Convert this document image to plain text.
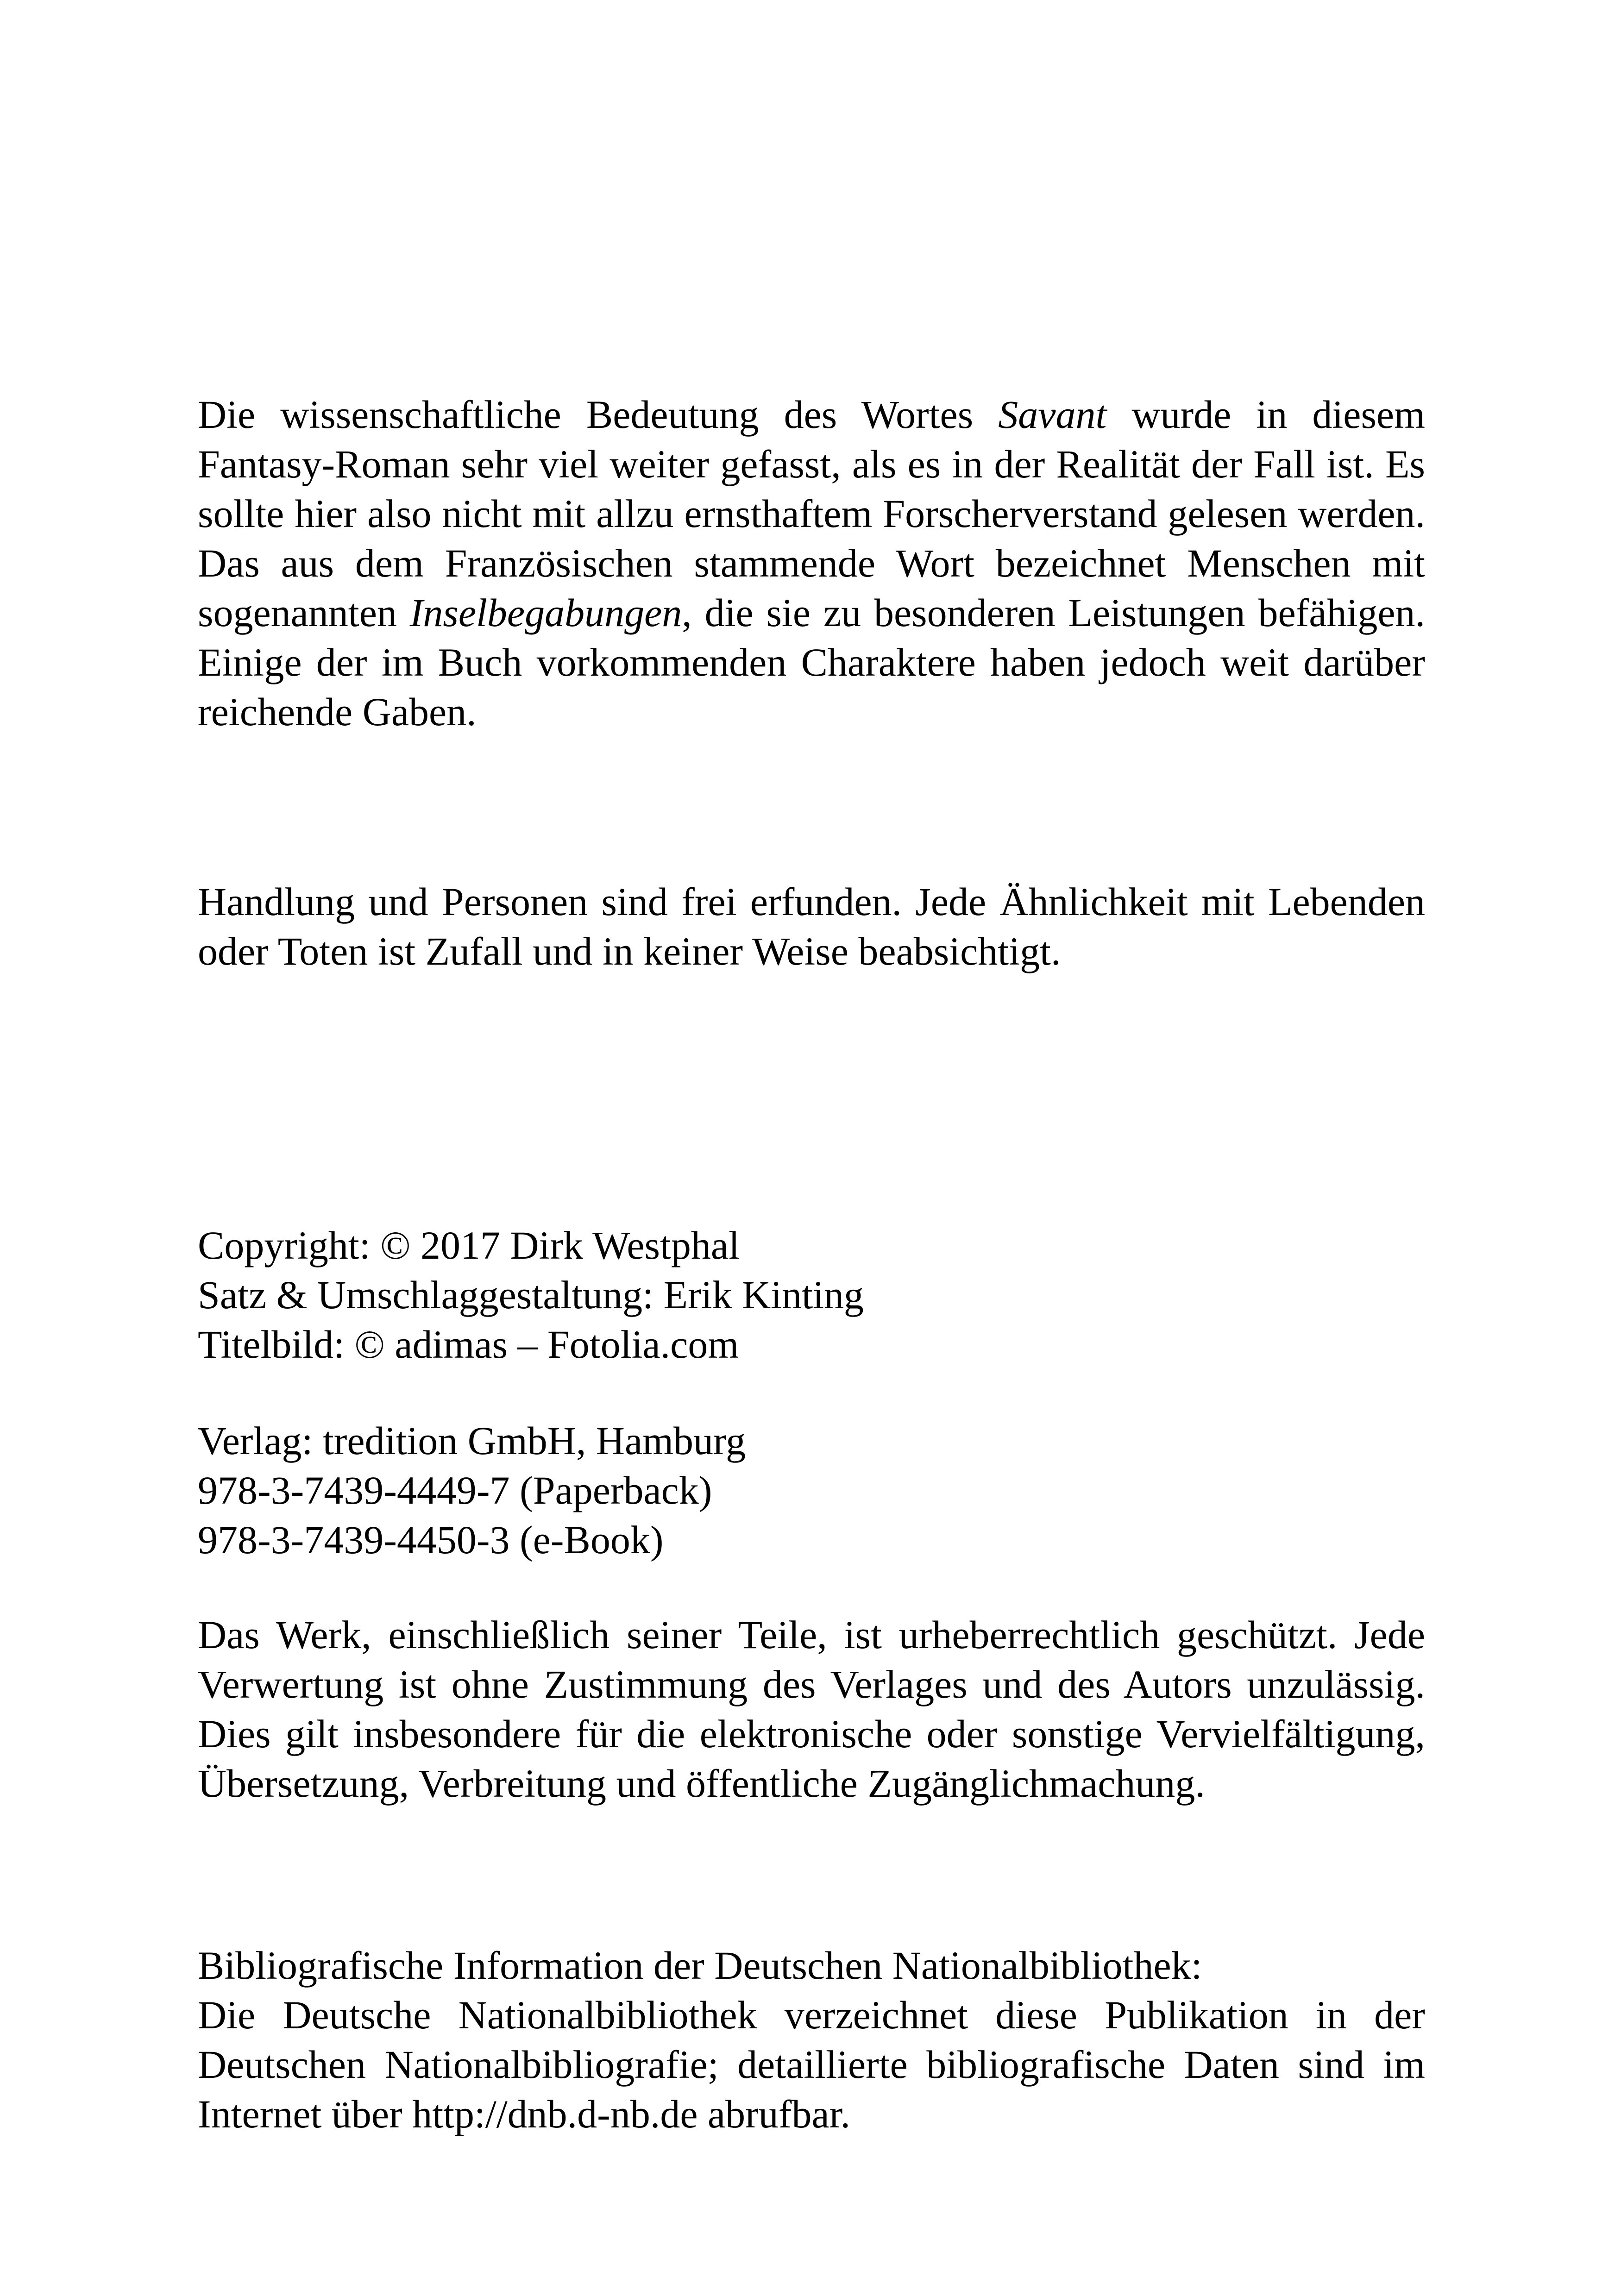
Die wissenschaftliche Bedeutung des Wortes Savant wurde in diesem Fantasy-Roman sehr viel weiter gefasst, als es in der Realität der Fall ist. Es sollte hier also nicht mit allzu ernsthaftem Forscherverstand gelesen werden. Das aus dem Französischen stammende Wort bezeichnet Menschen mit sogenannten Inselbegabungen, die sie zu besonderen Leistungen befähigen. Einige der im Buch vorkommenden Charaktere haben jedoch weit darüber reichende Gaben.

Handlung und Personen sind frei erfunden. Jede Ähnlichkeit mit Lebenden oder Toten ist Zufall und in keiner Weise beabsichtigt.

Copyright: © 2017 Dirk Westphal
Satz & Umschlaggestaltung: Erik Kinting
Titelbild: © adimas – Fotolia.com
Verlag: tredition GmbH, Hamburg
978-3-7439-4449-7 (Paperback)
978-3-7439-4450-3 (e-Book)

Das Werk, einschließlich seiner Teile, ist urheberrechtlich geschützt. Jede Verwertung ist ohne Zustimmung des Verlages und des Autors unzulässig. Dies gilt insbesondere für die elektronische oder sonstige Vervielfältigung, Übersetzung, Verbreitung und öffentliche Zugänglichmachung.

Bibliografische Information der Deutschen Nationalbibliothek:

Die Deutsche Nationalbibliothek verzeichnet diese Publikation in der Deutschen Nationalbibliografie; detaillierte bibliografische Daten sind im Internet über http://dnb.d-nb.de abrufbar.
